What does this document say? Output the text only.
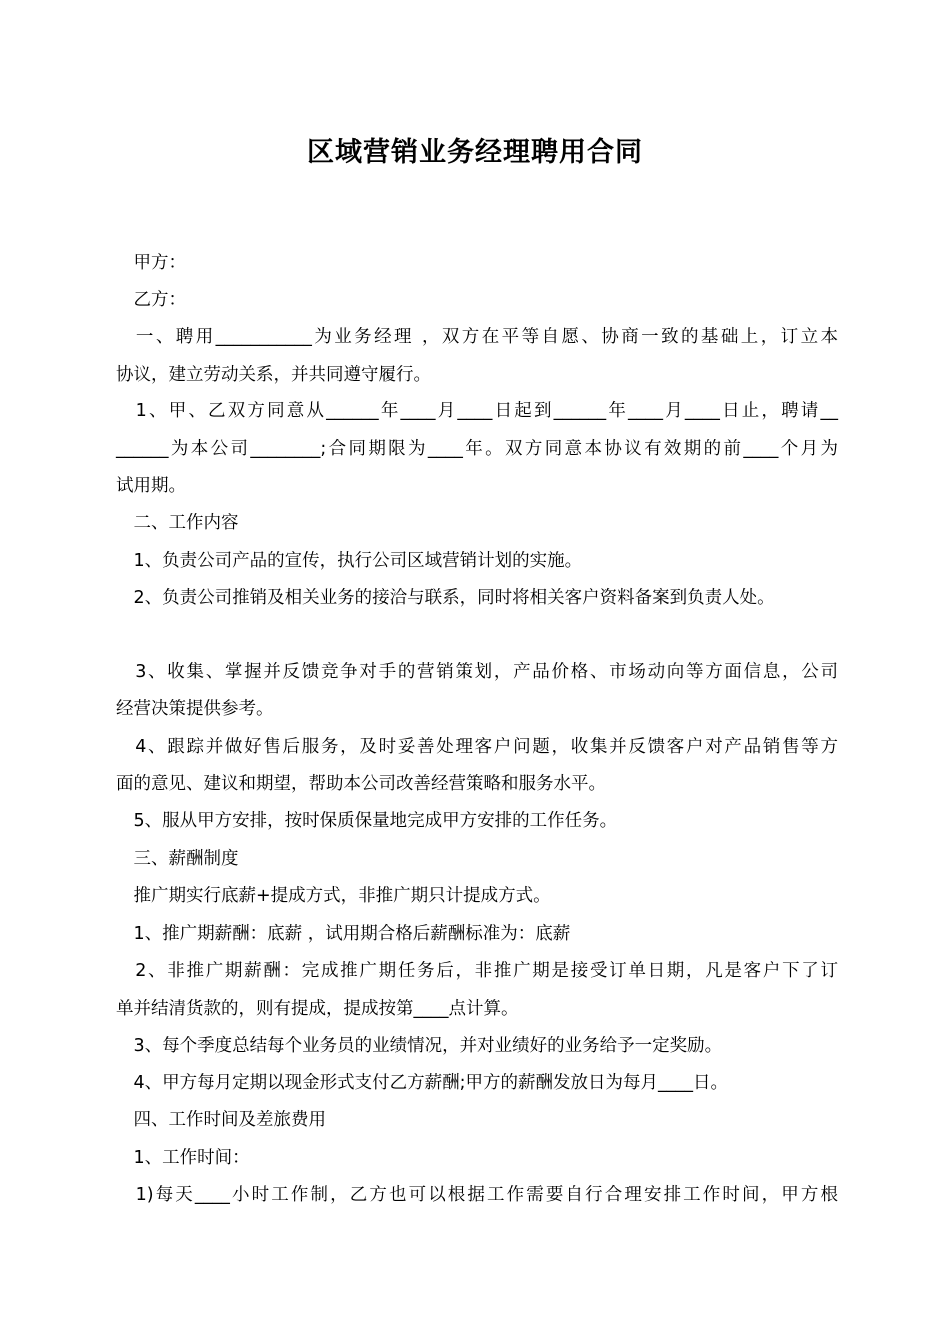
区域营销业务经理聘用合同
　甲方：
　乙方：
　一、聘用___________为业务经理 ，双方在平等自愿、协商一致的基础上，订立本
协议，建立劳动关系，并共同遵守履行。
　1、甲、乙双方同意从______年____月____日起到______年____月____日止，聘请__
______为本公司________;合同期限为____年。双方同意本协议有效期的前____个月为
试用期。
　二、工作内容
　1、负责公司产品的宣传，执行公司区域营销计划的实施。
　2、负责公司推销及相关业务的接洽与联系，同时将相关客户资料备案到负责人处。
　3、收集、掌握并反馈竞争对手的营销策划，产品价格、市场动向等方面信息，公司
经营决策提供参考。
　4、跟踪并做好售后服务，及时妥善处理客户问题，收集并反馈客户对产品销售等方
面的意见、建议和期望，帮助本公司改善经营策略和服务水平。
　5、服从甲方安排，按时保质保量地完成甲方安排的工作任务。
　三、薪酬制度
　推广期实行底薪+提成方式，非推广期只计提成方式。
　1、推广期薪酬：底薪 ，试用期合格后薪酬标准为：底薪
　2、非推广期薪酬：完成推广期任务后，非推广期是接受订单日期，凡是客户下了订
单并结清货款的，则有提成，提成按第____点计算。
　3、每个季度总结每个业务员的业绩情况，并对业绩好的业务给予一定奖励。
　4、甲方每月定期以现金形式支付乙方薪酬;甲方的薪酬发放日为每月____日。
　四、工作时间及差旅费用
　1、工作时间：
　1)每天____小时工作制，乙方也可以根据工作需要自行合理安排工作时间，甲方根
